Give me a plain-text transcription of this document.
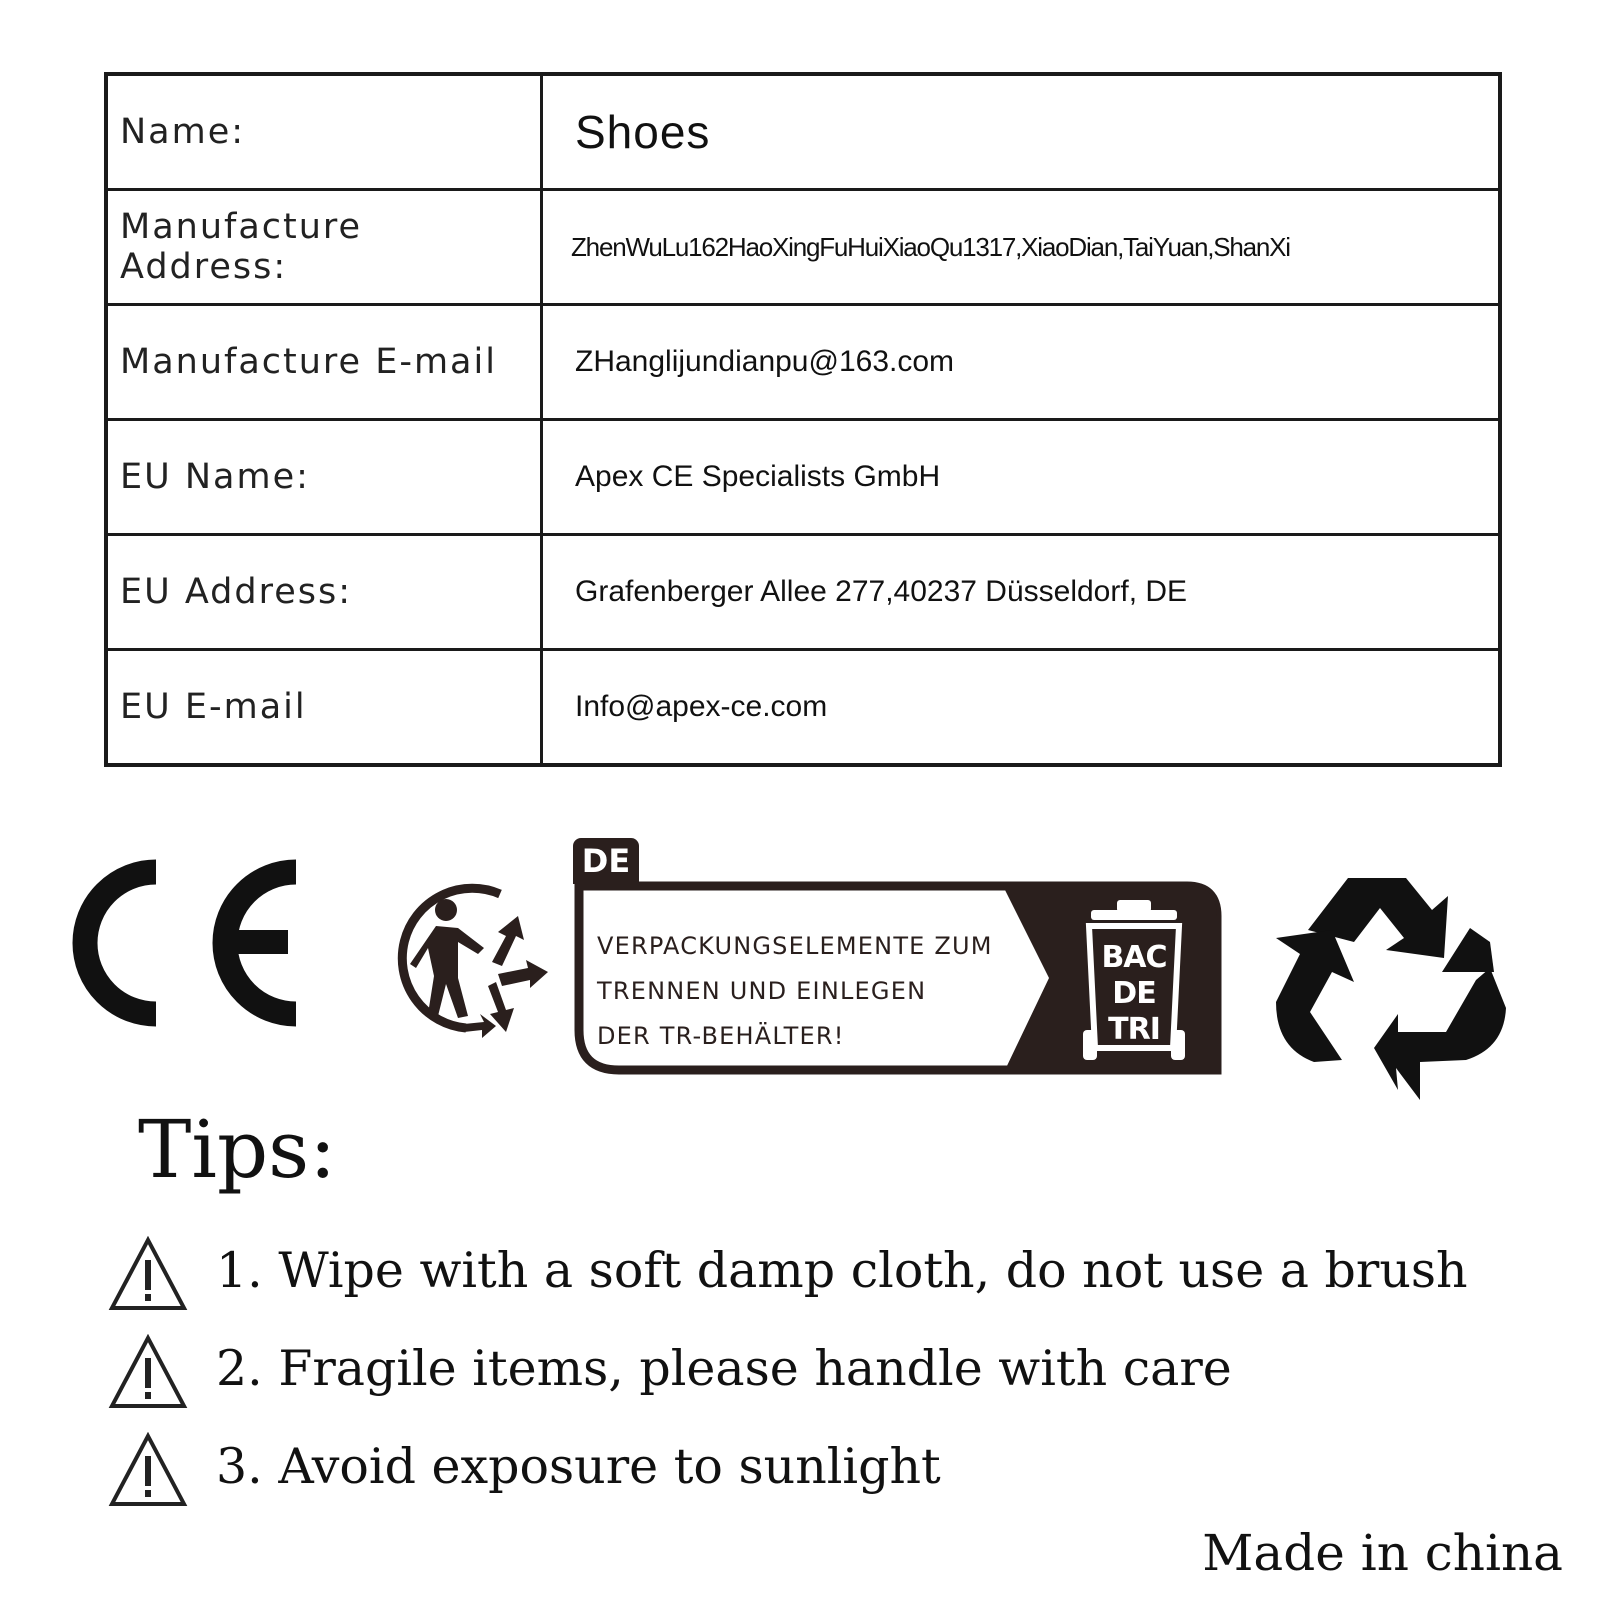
Name:	Shoes
Manufacture Address:	ZhenWuLu162HaoXingFuHuiXiaoQu1317,XiaoDian,TaiYuan,ShanXi
Manufacture E-mail	ZHanglijundianpu@163.com
EU Name:	Apex CE Specialists GmbH
EU Address:	Grafenberger Allee 277,40237 Düsseldorf, DE
EU E-mail	Info@apex-ce.com
DE
VERPACKUNGSELEMENTE ZUM
TRENNEN UND EINLEGEN
DER TR-BEHÄLTER!
BAC
DE
TRI
Tips:
1. Wipe with a soft damp cloth, do not use a brush
2. Fragile items, please handle with care
3. Avoid exposure to sunlight
Made in china
